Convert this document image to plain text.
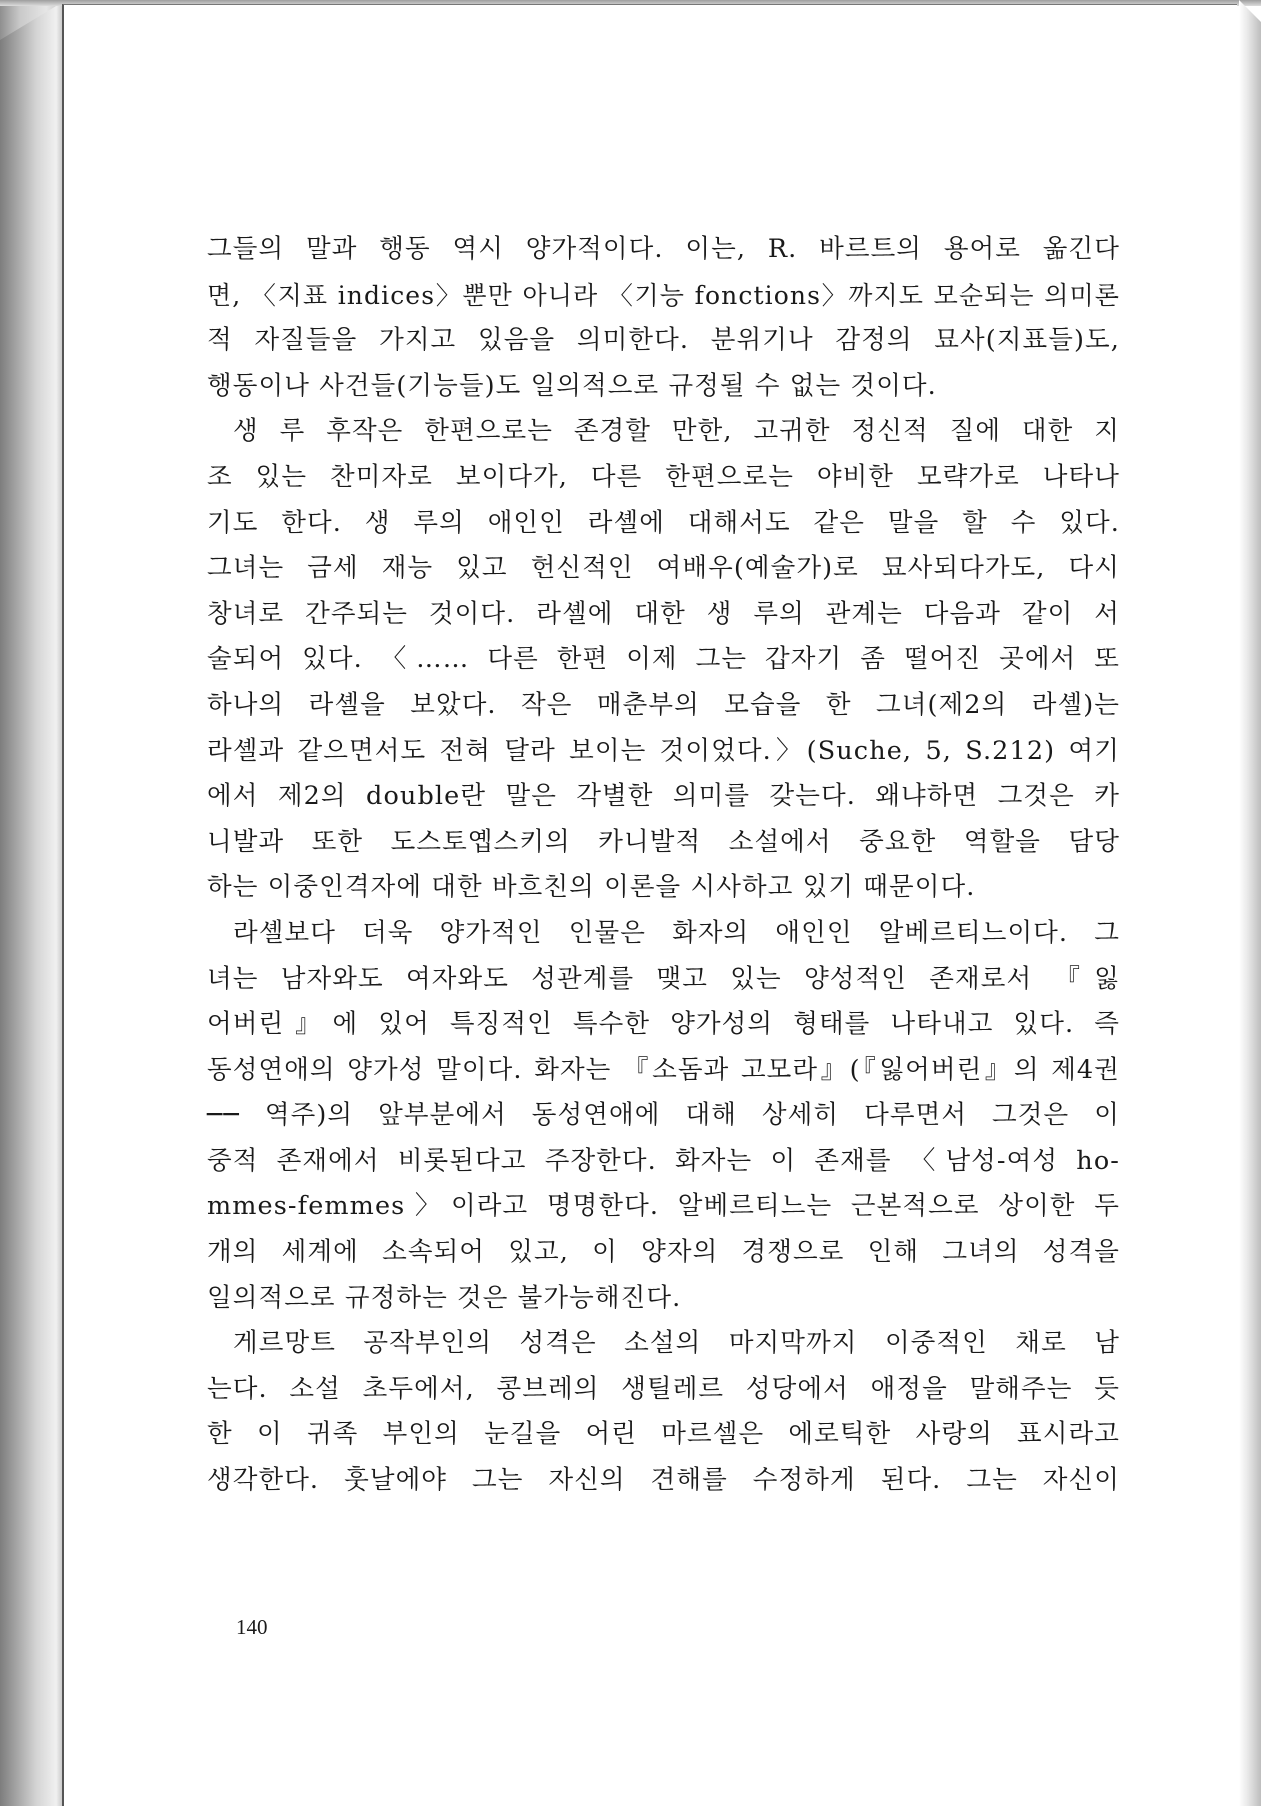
그들의 말과 행동 역시 양가적이다. 이는, R. 바르트의 용어로 옮긴다
면, 〈지표 indices〉뿐만 아니라 〈기능 fonctions〉까지도 모순되는 의미론
적 자질들을 가지고 있음을 의미한다. 분위기나 감정의 묘사(지표들)도,
행동이나 사건들(기능들)도 일의적으로 규정될 수 없는 것이다.
생 루 후작은 한편으로는 존경할 만한, 고귀한 정신적 질에 대한 지
조 있는 찬미자로 보이다가, 다른 한편으로는 야비한 모략가로 나타나
기도 한다. 생 루의 애인인 라셸에 대해서도 같은 말을 할 수 있다.
그녀는 금세 재능 있고 헌신적인 여배우(예술가)로 묘사되다가도, 다시
창녀로 간주되는 것이다. 라셸에 대한 생 루의 관계는 다음과 같이 서
술되어 있다. 〈…… 다른 한편 이제 그는 갑자기 좀 떨어진 곳에서 또
하나의 라셸을 보았다. 작은 매춘부의 모습을 한 그녀(제2의 라셸)는
라셸과 같으면서도 전혀 달라 보이는 것이었다.〉(Suche, 5, S.212) 여기
에서 제2의 double란 말은 각별한 의미를 갖는다. 왜냐하면 그것은 카
니발과 또한 도스토옙스키의 카니발적 소설에서 중요한 역할을 담당
하는 이중인격자에 대한 바흐친의 이론을 시사하고 있기 때문이다.
라셸보다 더욱 양가적인 인물은 화자의 애인인 알베르티느이다. 그
녀는 남자와도 여자와도 성관계를 맺고 있는 양성적인 존재로서 『잃
어버린』에 있어 특징적인 특수한 양가성의 형태를 나타내고 있다. 즉
동성연애의 양가성 말이다. 화자는 『소돔과 고모라』(『잃어버린』의 제4권
── 역주)의 앞부분에서 동성연애에 대해 상세히 다루면서 그것은 이
중적 존재에서 비롯된다고 주장한다. 화자는 이 존재를 〈남성-여성 ho-
mmes-femmes〉이라고 명명한다. 알베르티느는 근본적으로 상이한 두
개의 세계에 소속되어 있고, 이 양자의 경쟁으로 인해 그녀의 성격을
일의적으로 규정하는 것은 불가능해진다.
게르망트 공작부인의 성격은 소설의 마지막까지 이중적인 채로 남
는다. 소설 초두에서, 콩브레의 생틸레르 성당에서 애정을 말해주는 듯
한 이 귀족 부인의 눈길을 어린 마르셀은 에로틱한 사랑의 표시라고
생각한다. 훗날에야 그는 자신의 견해를 수정하게 된다. 그는 자신이

140
